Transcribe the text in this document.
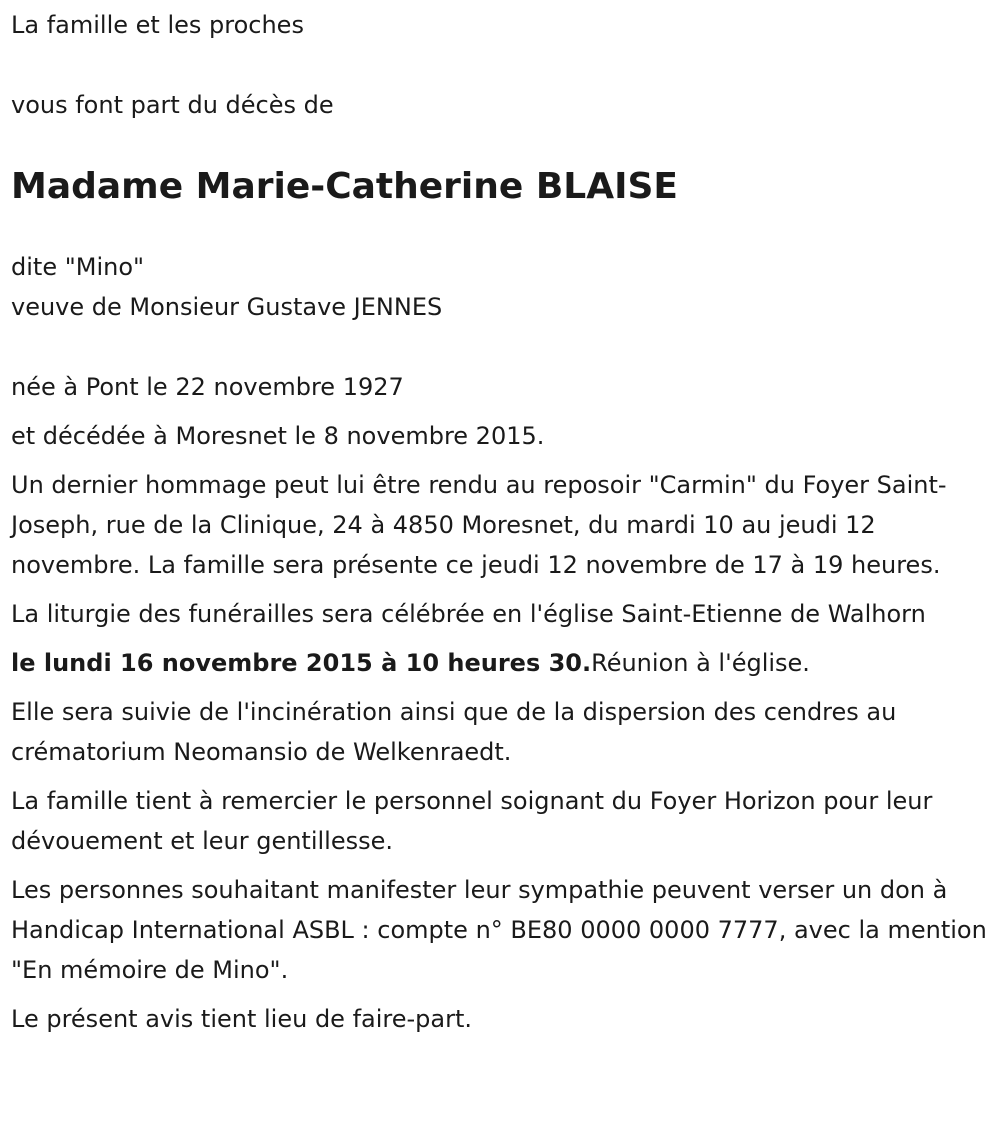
La famille et les proches

vous font part du décès de

Madame Marie-Catherine BLAISE

dite "Mino"

veuve de Monsieur Gustave JENNES

née à Pont le 22 novembre 1927

et décédée à Moresnet le 8 novembre 2015.

Un dernier hommage peut lui être rendu au reposoir "Carmin" du Foyer Saint-Joseph, rue de la Clinique, 24 à 4850 Moresnet, du mardi 10 au jeudi 12 novembre. La famille sera présente ce jeudi 12 novembre de 17 à 19 heures.

La liturgie des funérailles sera célébrée en l'église Saint-Etienne de Walhorn

le lundi 16 novembre 2015 à 10 heures 30.Réunion à l'église.

Elle sera suivie de l'incinération ainsi que de la dispersion des cendres au crématorium Neomansio de Welkenraedt.

La famille tient à remercier le personnel soignant du Foyer Horizon pour leur dévouement et leur gentillesse.

Les personnes souhaitant manifester leur sympathie peuvent verser un don à Handicap International ASBL : compte n° BE80 0000 0000 7777, avec la mention "En mémoire de Mino".

Le présent avis tient lieu de faire-part.
